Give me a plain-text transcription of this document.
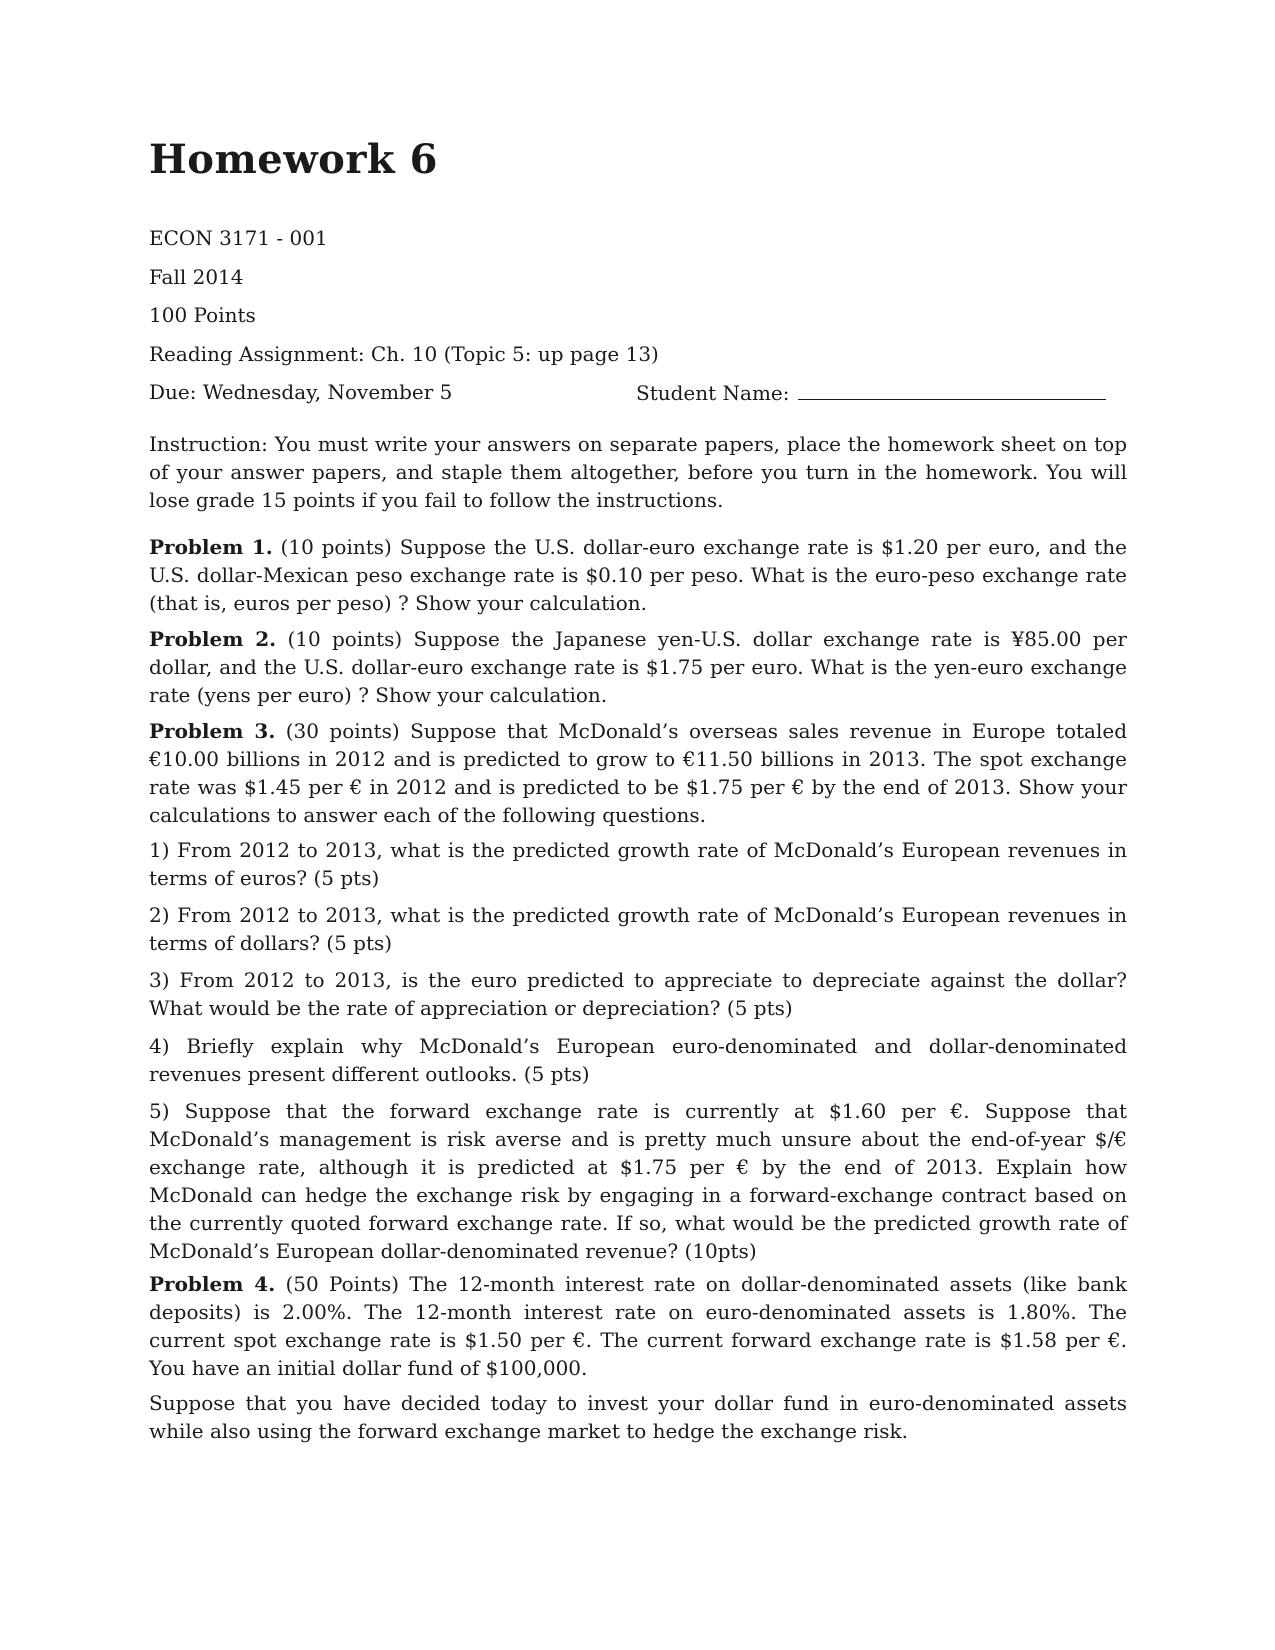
Homework 6
ECON 3171 - 001
Fall 2014
100 Points
Reading Assignment: Ch. 10 (Topic 5: up page 13)
Due: Wednesday, November 5	Student Name:

Instruction: You must write your answers on separate papers, place the homework sheet on top of your answer papers, and staple them altogether, before you turn in the homework. You will lose grade 15 points if you fail to follow the instructions.

Problem 1. (10 points) Suppose the U.S. dollar-euro exchange rate is $1.20 per euro, and the U.S. dollar-Mexican peso exchange rate is $0.10 per peso. What is the euro-peso exchange rate (that is, euros per peso) ? Show your calculation.

Problem 2. (10 points) Suppose the Japanese yen-U.S. dollar exchange rate is ¥85.00 per dollar, and the U.S. dollar-euro exchange rate is $1.75 per euro. What is the yen-euro exchange rate (yens per euro) ? Show your calculation.

Problem 3. (30 points) Suppose that McDonald’s overseas sales revenue in Europe totaled €10.00 billions in 2012 and is predicted to grow to €11.50 billions in 2013. The spot exchange rate was $1.45 per € in 2012 and is predicted to be $1.75 per € by the end of 2013. Show your calculations to answer each of the following questions.

1) From 2012 to 2013, what is the predicted growth rate of McDonald’s European revenues in terms of euros? (5 pts)

2) From 2012 to 2013, what is the predicted growth rate of McDonald’s European revenues in terms of dollars? (5 pts)

3) From 2012 to 2013, is the euro predicted to appreciate to depreciate against the dollar? What would be the rate of appreciation or depreciation? (5 pts)

4) Briefly explain why McDonald’s European euro-denominated and dollar-denominated revenues present different outlooks. (5 pts)

5) Suppose that the forward exchange rate is currently at $1.60 per €. Suppose that McDonald’s management is risk averse and is pretty much unsure about the end-of-year $/€ exchange rate, although it is predicted at $1.75 per € by the end of 2013. Explain how McDonald can hedge the exchange risk by engaging in a forward-exchange contract based on the currently quoted forward exchange rate. If so, what would be the predicted growth rate of McDonald’s European dollar-denominated revenue? (10pts)

Problem 4. (50 Points) The 12-month interest rate on dollar-denominated assets (like bank deposits) is 2.00%. The 12-month interest rate on euro-denominated assets is 1.80%. The current spot exchange rate is $1.50 per €. The current forward exchange rate is $1.58 per €. You have an initial dollar fund of $100,000.

Suppose that you have decided today to invest your dollar fund in euro-denominated assets while also using the forward exchange market to hedge the exchange risk.
